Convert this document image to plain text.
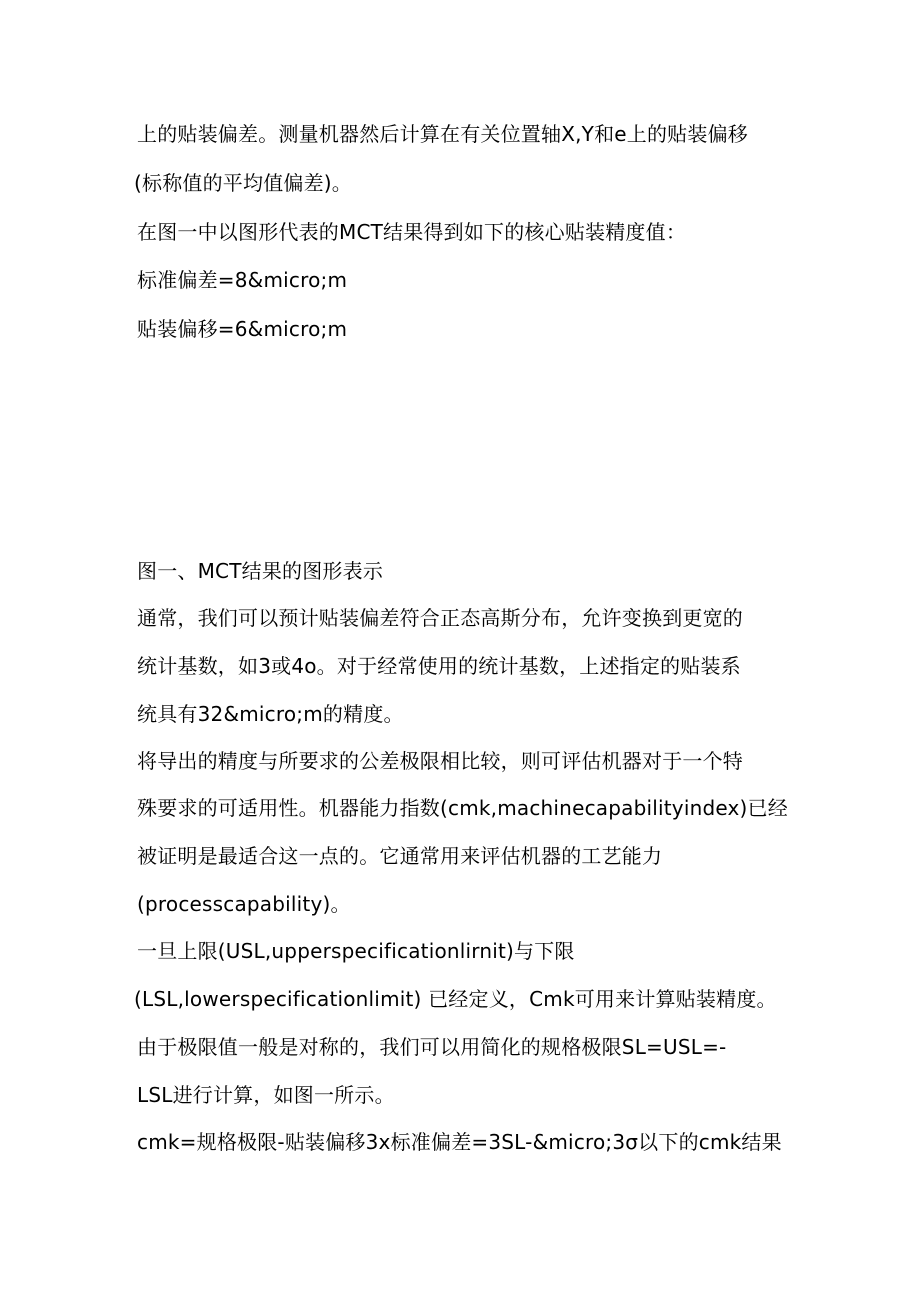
上的贴装偏差。测量机器然后计算在有关位置轴X,Y和e上的贴装偏移
(标称值的平均值偏差)。
在图一中以图形代表的MCT结果得到如下的核心贴装精度值：
标准偏差=8&micro;m
贴装偏移=6&micro;m
图一、MCT结果的图形表示
通常，我们可以预计贴装偏差符合正态高斯分布，允许变换到更宽的
统计基数，如3或4o。对于经常使用的统计基数，上述指定的贴装系
统具有32&micro;m的精度。
将导出的精度与所要求的公差极限相比较，则可评估机器对于一个特
殊要求的可适用性。机器能力指数(cmk,machinecapabilityindex)已经
被证明是最适合这一点的。它通常用来评估机器的工艺能力
(processcapability)。
一旦上限(USL,upperspecificationlirnit)与下限
(LSL,lowerspecificationlimit) 已经定义，Cmk可用来计算贴装精度。
由于极限值一般是对称的，我们可以用简化的规格极限SL=USL=-
LSL进行计算，如图一所示。
cmk=规格极限-贴装偏移3x标准偏差=3SL-&micro;3σ以下的cmk结果
